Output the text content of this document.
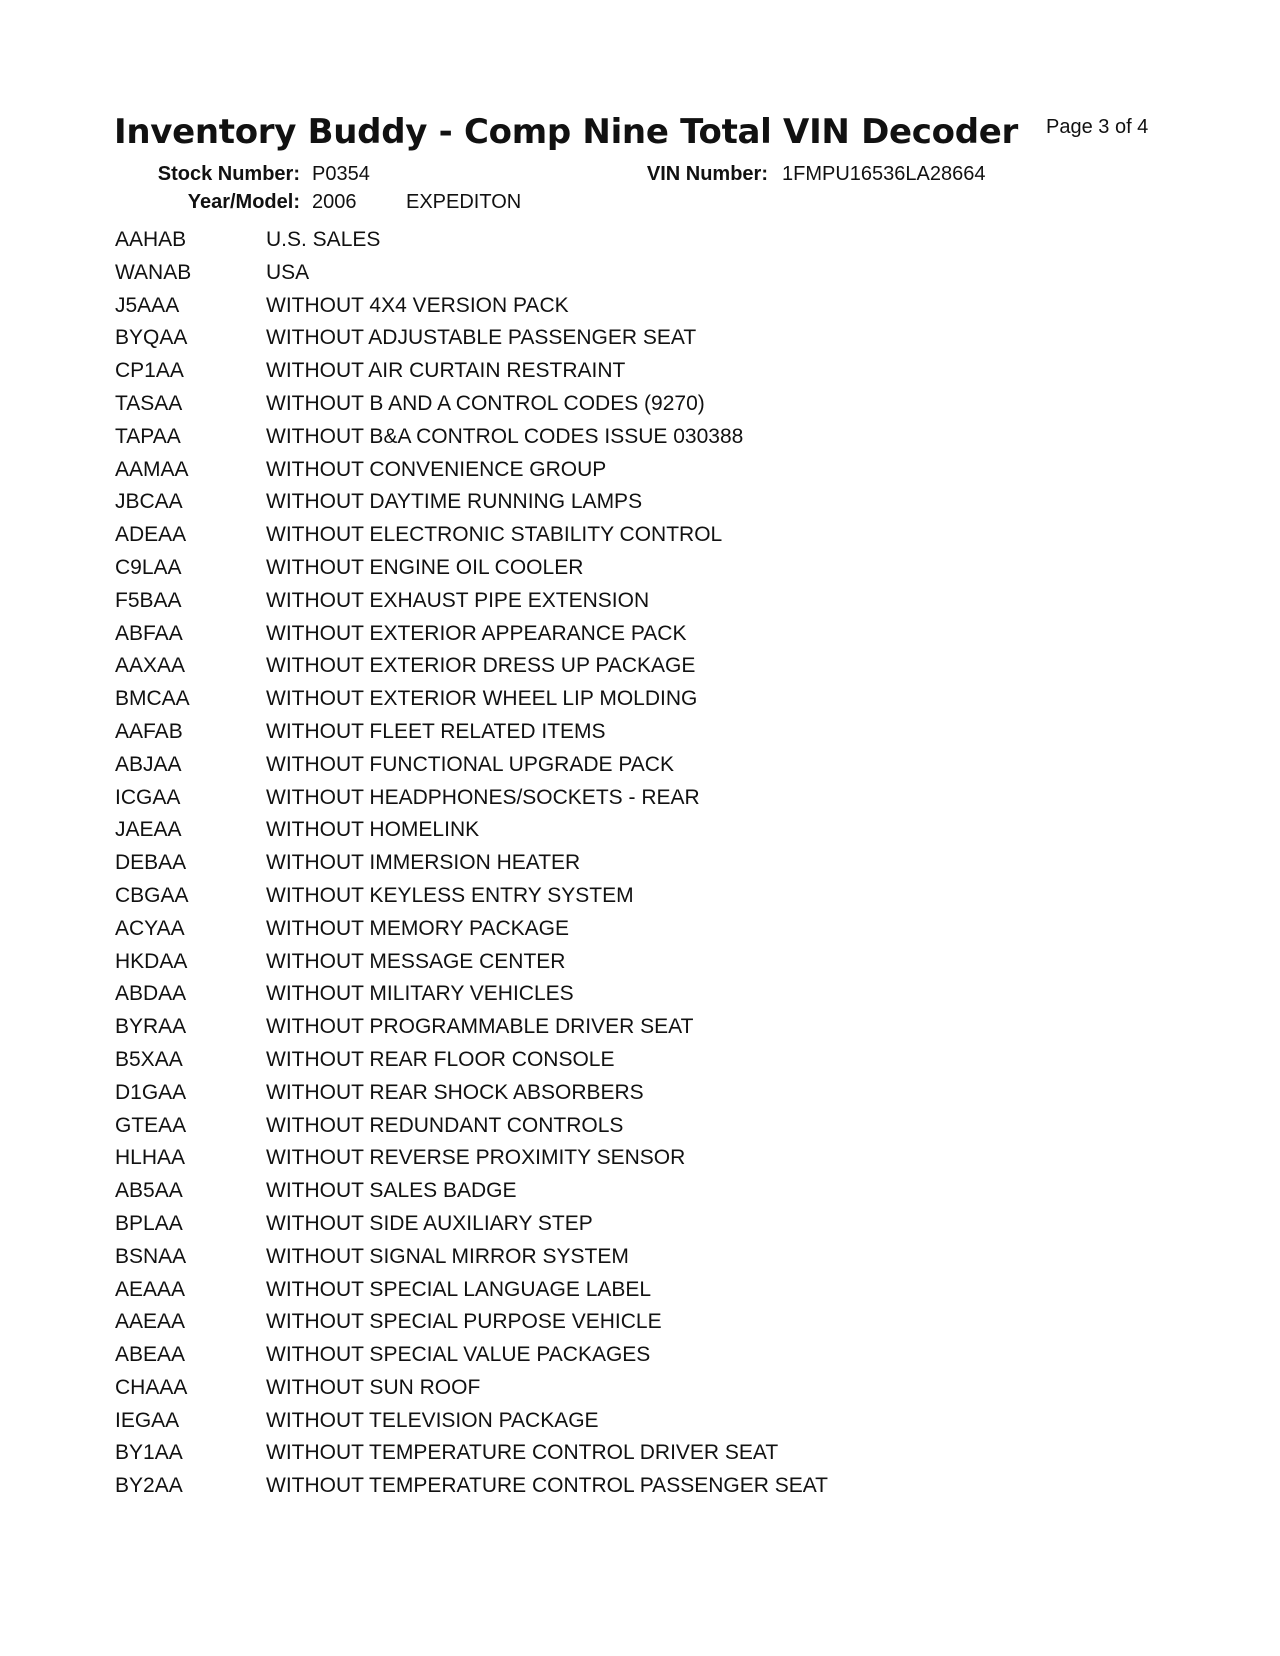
Inventory Buddy - Comp Nine Total VIN Decoder Page 3 of 4
Stock Number: P0354	VIN Number: 1FMPU16536LA28664
Year/Model: 2006 EXPEDITON
AAHAB	U.S. SALES
WANAB	USA
J5AAA	WITHOUT 4X4 VERSION PACK
BYQAA	WITHOUT ADJUSTABLE PASSENGER SEAT
CP1AA	WITHOUT AIR CURTAIN RESTRAINT
TASAA	WITHOUT B AND A CONTROL CODES (9270)
TAPAA	WITHOUT B&A CONTROL CODES ISSUE 030388
AAMAA	WITHOUT CONVENIENCE GROUP
JBCAA	WITHOUT DAYTIME RUNNING LAMPS
ADEAA	WITHOUT ELECTRONIC STABILITY CONTROL
C9LAA	WITHOUT ENGINE OIL COOLER
F5BAA	WITHOUT EXHAUST PIPE EXTENSION
ABFAA	WITHOUT EXTERIOR APPEARANCE PACK
AAXAA	WITHOUT EXTERIOR DRESS UP PACKAGE
BMCAA	WITHOUT EXTERIOR WHEEL LIP MOLDING
AAFAB	WITHOUT FLEET RELATED ITEMS
ABJAA	WITHOUT FUNCTIONAL UPGRADE PACK
ICGAA	WITHOUT HEADPHONES/SOCKETS - REAR
JAEAA	WITHOUT HOMELINK
DEBAA	WITHOUT IMMERSION HEATER
CBGAA	WITHOUT KEYLESS ENTRY SYSTEM
ACYAA	WITHOUT MEMORY PACKAGE
HKDAA	WITHOUT MESSAGE CENTER
ABDAA	WITHOUT MILITARY VEHICLES
BYRAA	WITHOUT PROGRAMMABLE DRIVER SEAT
B5XAA	WITHOUT REAR FLOOR CONSOLE
D1GAA	WITHOUT REAR SHOCK ABSORBERS
GTEAA	WITHOUT REDUNDANT CONTROLS
HLHAA	WITHOUT REVERSE PROXIMITY SENSOR
AB5AA	WITHOUT SALES BADGE
BPLAA	WITHOUT SIDE AUXILIARY STEP
BSNAA	WITHOUT SIGNAL MIRROR SYSTEM
AEAAA	WITHOUT SPECIAL LANGUAGE LABEL
AAEAA	WITHOUT SPECIAL PURPOSE VEHICLE
ABEAA	WITHOUT SPECIAL VALUE PACKAGES
CHAAA	WITHOUT SUN ROOF
IEGAA	WITHOUT TELEVISION PACKAGE
BY1AA	WITHOUT TEMPERATURE CONTROL DRIVER SEAT
BY2AA	WITHOUT TEMPERATURE CONTROL PASSENGER SEAT
